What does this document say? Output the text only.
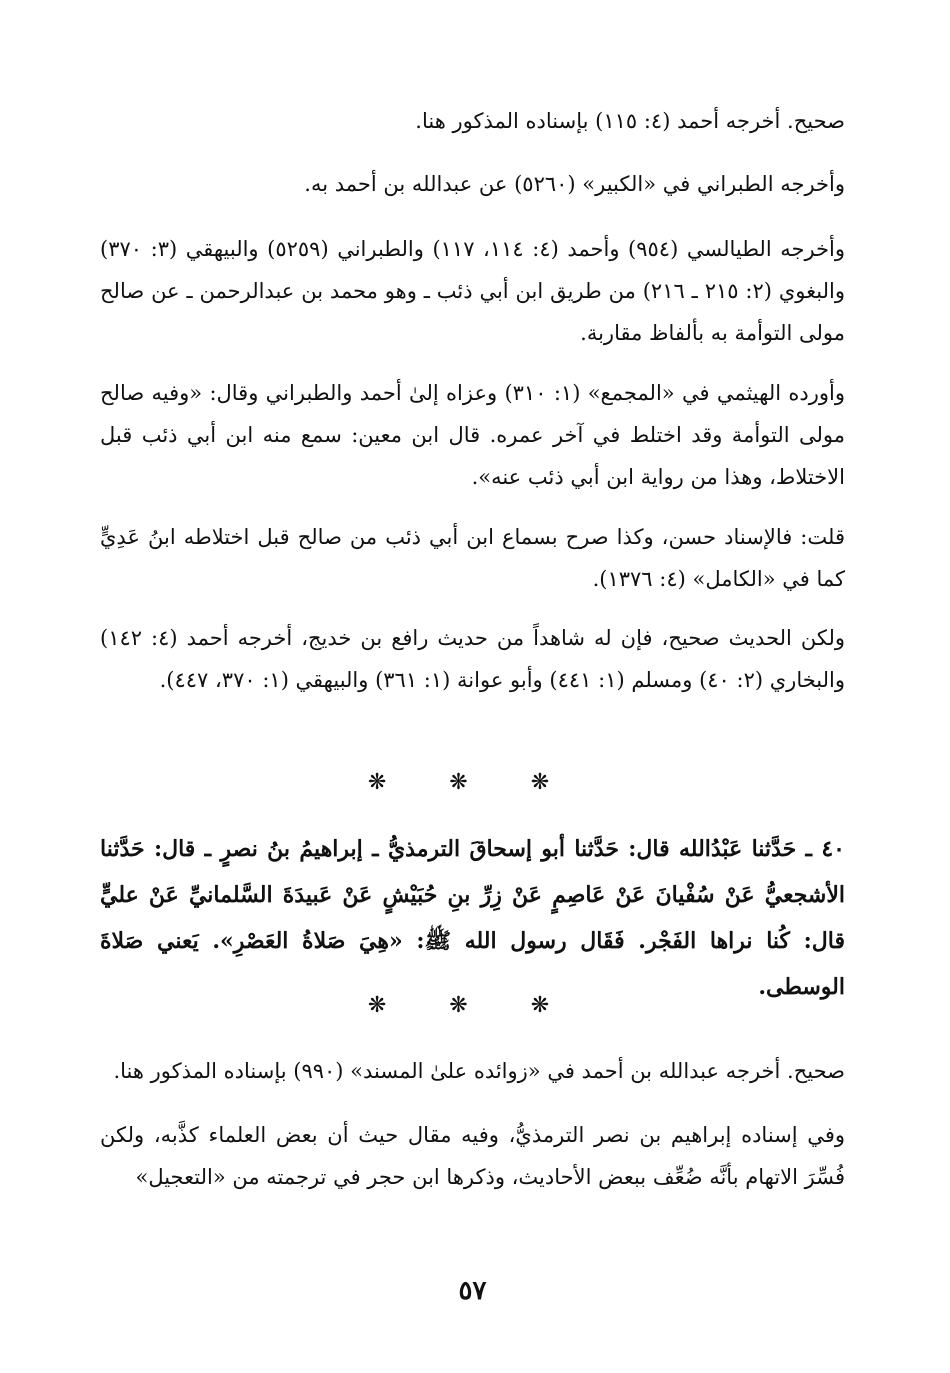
صحيح. أخرجه أحمد (٤: ١١٥) بإسناده المذكور هنا.

وأخرجه الطبراني في «الكبير» (٥٢٦٠) عن عبدالله بن أحمد به.

وأخرجه الطيالسي (٩٥٤) وأحمد (٤: ١١٤، ١١٧) والطبراني (٥٢٥٩) والبيهقي (٣: ٣٧٠) والبغوي (٢: ٢١٥ ـ ٢١٦) من طريق ابن أبي ذئب ـ وهو محمد بن عبدالرحمن ـ عن صالح مولى التوأمة به بألفاظ مقاربة.

وأورده الهيثمي في «المجمع» (١: ٣١٠) وعزاه إلىٰ أحمد والطبراني وقال: «وفيه صالح مولى التوأمة وقد اختلط في آخر عمره. قال ابن معين: سمع منه ابن أبي ذئب قبل الاختلاط، وهذا من رواية ابن أبي ذئب عنه».

قلت: فالإسناد حسن، وكذا صرح بسماع ابن أبي ذئب من صالح قبل اختلاطه ابنُ عَدِيٍّ كما في «الكامل» (٤: ١٣٧٦).

ولكن الحديث صحيح، فإن له شاهداً من حديث رافع بن خديج، أخرجه أحمد (٤: ١٤٢) والبخاري (٢: ٤٠) ومسلم (١: ٤٤١) وأبو عوانة (١: ٣٦١) والبيهقي (١: ٣٧٠، ٤٤٧).

❋ ❋ ❋

٤٠ ـ حَدَّثنا عَبْدُالله قال: حَدَّثنا أبو إسحاقَ الترمذيُّ ـ إبراهيمُ بنُ نصرٍ ـ قال: حَدَّثنا الأشجعيُّ عَنْ سُفْيانَ عَنْ عَاصِمٍ عَنْ زِرِّ بنِ حُبَيْشٍ عَنْ عَبيدَةَ السَّلمانيِّ عَنْ عليٍّ قال: كُنا نراها الفَجْر. فَقَال رسول الله ﷺ: «هِيَ صَلاةُ العَصْرِ». يَعني صَلاةَ الوسطى.

❋ ❋ ❋

صحيح. أخرجه عبدالله بن أحمد في «زوائده علىٰ المسند» (٩٩٠) بإسناده المذكور هنا.

وفي إسناده إبراهيم بن نصر الترمذيُّ، وفيه مقال حيث أن بعض العلماء كذَّبه، ولكن فُسِّرَ الاتهام بأنَّه ضُعِّف ببعض الأحاديث، وذكرها ابن حجر في ترجمته من «التعجيل»

٥٧
